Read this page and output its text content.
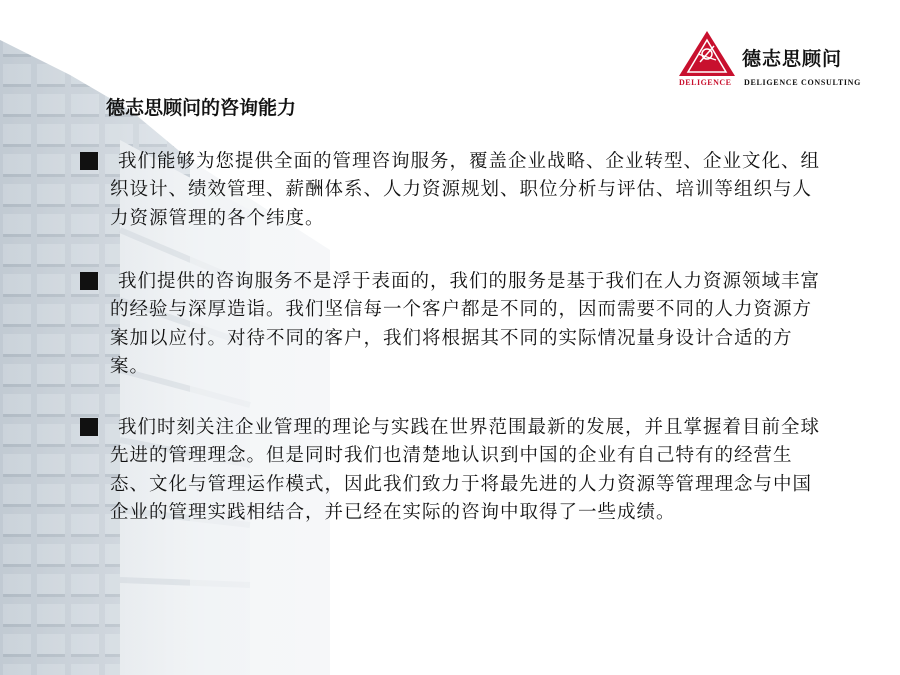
德志思顾问
DELIGENCE DELIGENCE CONSULTING
德志思顾问的咨询能力

我们能够为您提供全面的管理咨询服务，覆盖企业战略、企业转型、企业文化、组织设计、绩效管理、薪酬体系、人力资源规划、职位分析与评估、培训等组织与人力资源管理的各个纬度。

我们提供的咨询服务不是浮于表面的，我们的服务是基于我们在人力资源领域丰富的经验与深厚造诣。我们坚信每一个客户都是不同的，因而需要不同的人力资源方案加以应付。对待不同的客户，我们将根据其不同的实际情况量身设计合适的方案。

我们时刻关注企业管理的理论与实践在世界范围最新的发展，并且掌握着目前全球先进的管理理念。但是同时我们也清楚地认识到中国的企业有自己特有的经营生态、文化与管理运作模式，因此我们致力于将最先进的人力资源等管理理念与中国企业的管理实践相结合，并已经在实际的咨询中取得了一些成绩。
